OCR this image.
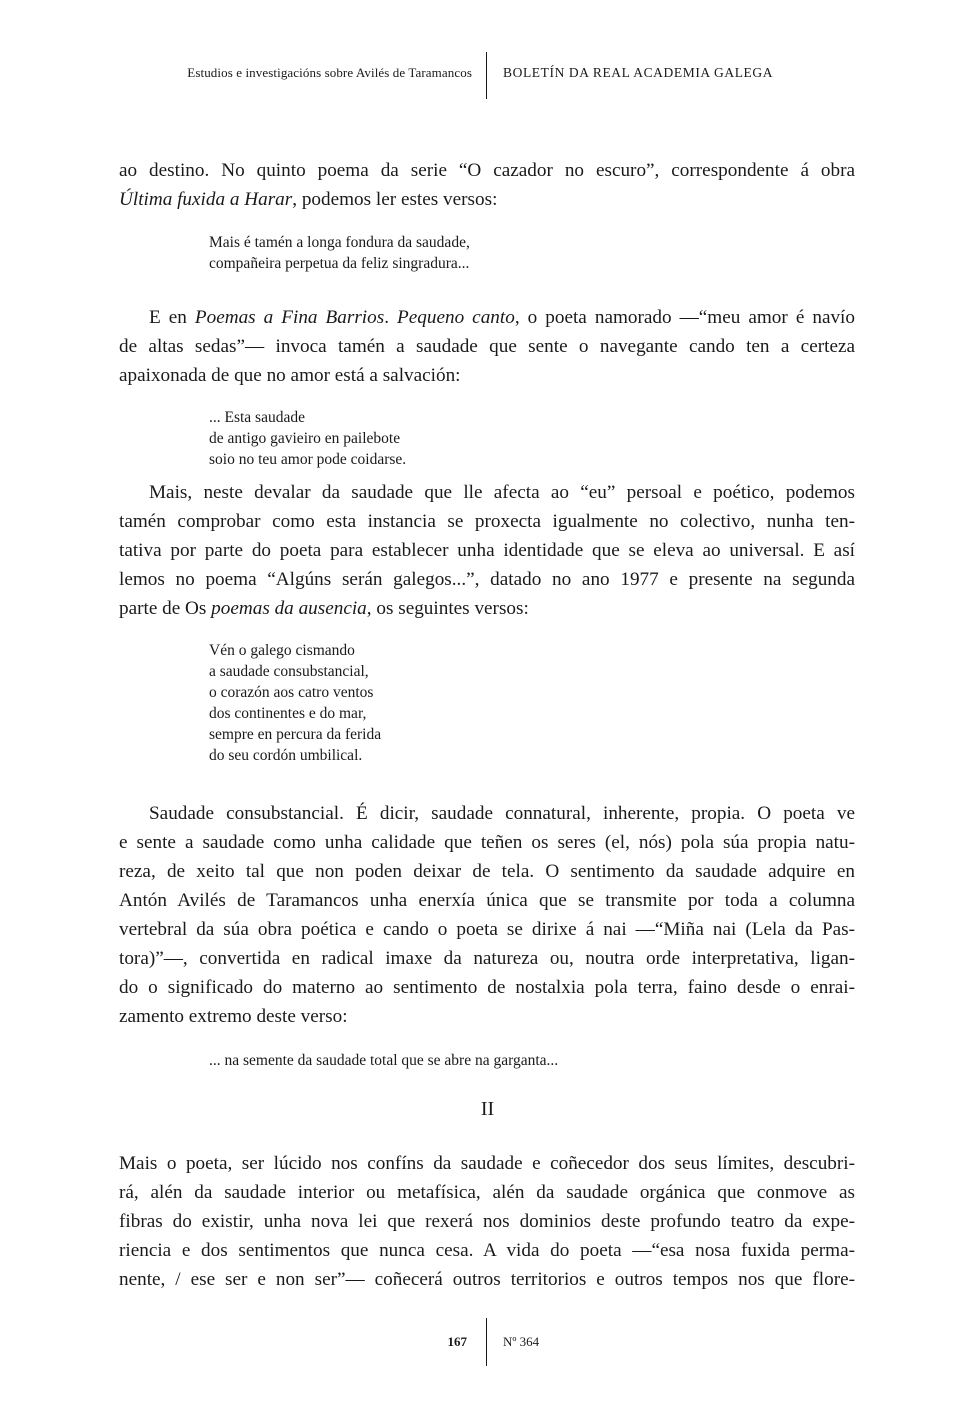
Estudios e investigacións sobre Avilés de Taramancos BOLETÍN DA REAL ACADEMIA GALEGA
ao destino. No quinto poema da serie “O cazador no escuro”, correspondente á obra
Última fuxida a Harar, podemos ler estes versos:
Mais é tamén a longa fondura da saudade,
compañeira perpetua da feliz singradura...
E en Poemas a Fina Barrios. Pequeno canto, o poeta namorado —“meu amor é navío
de altas sedas”— invoca tamén a saudade que sente o navegante cando ten a certeza
apaixonada de que no amor está a salvación:
... Esta saudade
de antigo gavieiro en pailebote
soio no teu amor pode coidarse.
Mais, neste devalar da saudade que lle afecta ao “eu” persoal e poético, podemos
tamén comprobar como esta instancia se proxecta igualmente no colectivo, nunha ten-
tativa por parte do poeta para establecer unha identidade que se eleva ao universal. E así
lemos no poema “Algúns serán galegos...”, datado no ano 1977 e presente na segunda
parte de Os poemas da ausencia, os seguintes versos:
Vén o galego cismando
a saudade consubstancial,
o corazón aos catro ventos
dos continentes e do mar,
sempre en percura da ferida
do seu cordón umbilical.
Saudade consubstancial. É dicir, saudade connatural, inherente, propia. O poeta ve
e sente a saudade como unha calidade que teñen os seres (el, nós) pola súa propia natu-
reza, de xeito tal que non poden deixar de tela. O sentimento da saudade adquire en
Antón Avilés de Taramancos unha enerxía única que se transmite por toda a columna
vertebral da súa obra poética e cando o poeta se dirixe á nai —“Miña nai (Lela da Pas-
tora)”—, convertida en radical imaxe da natureza ou, noutra orde interpretativa, ligan-
do o significado do materno ao sentimento de nostalxia pola terra, faino desde o enrai-
zamento extremo deste verso:
... na semente da saudade total que se abre na garganta...
II
Mais o poeta, ser lúcido nos confíns da saudade e coñecedor dos seus límites, descubri-
rá, alén da saudade interior ou metafísica, alén da saudade orgánica que conmove as
fibras do existir, unha nova lei que rexerá nos dominios deste profundo teatro da expe-
riencia e dos sentimentos que nunca cesa. A vida do poeta —“esa nosa fuxida perma-
nente, / ese ser e non ser”— coñecerá outros territorios e outros tempos nos que flore-
167	Nº 364
